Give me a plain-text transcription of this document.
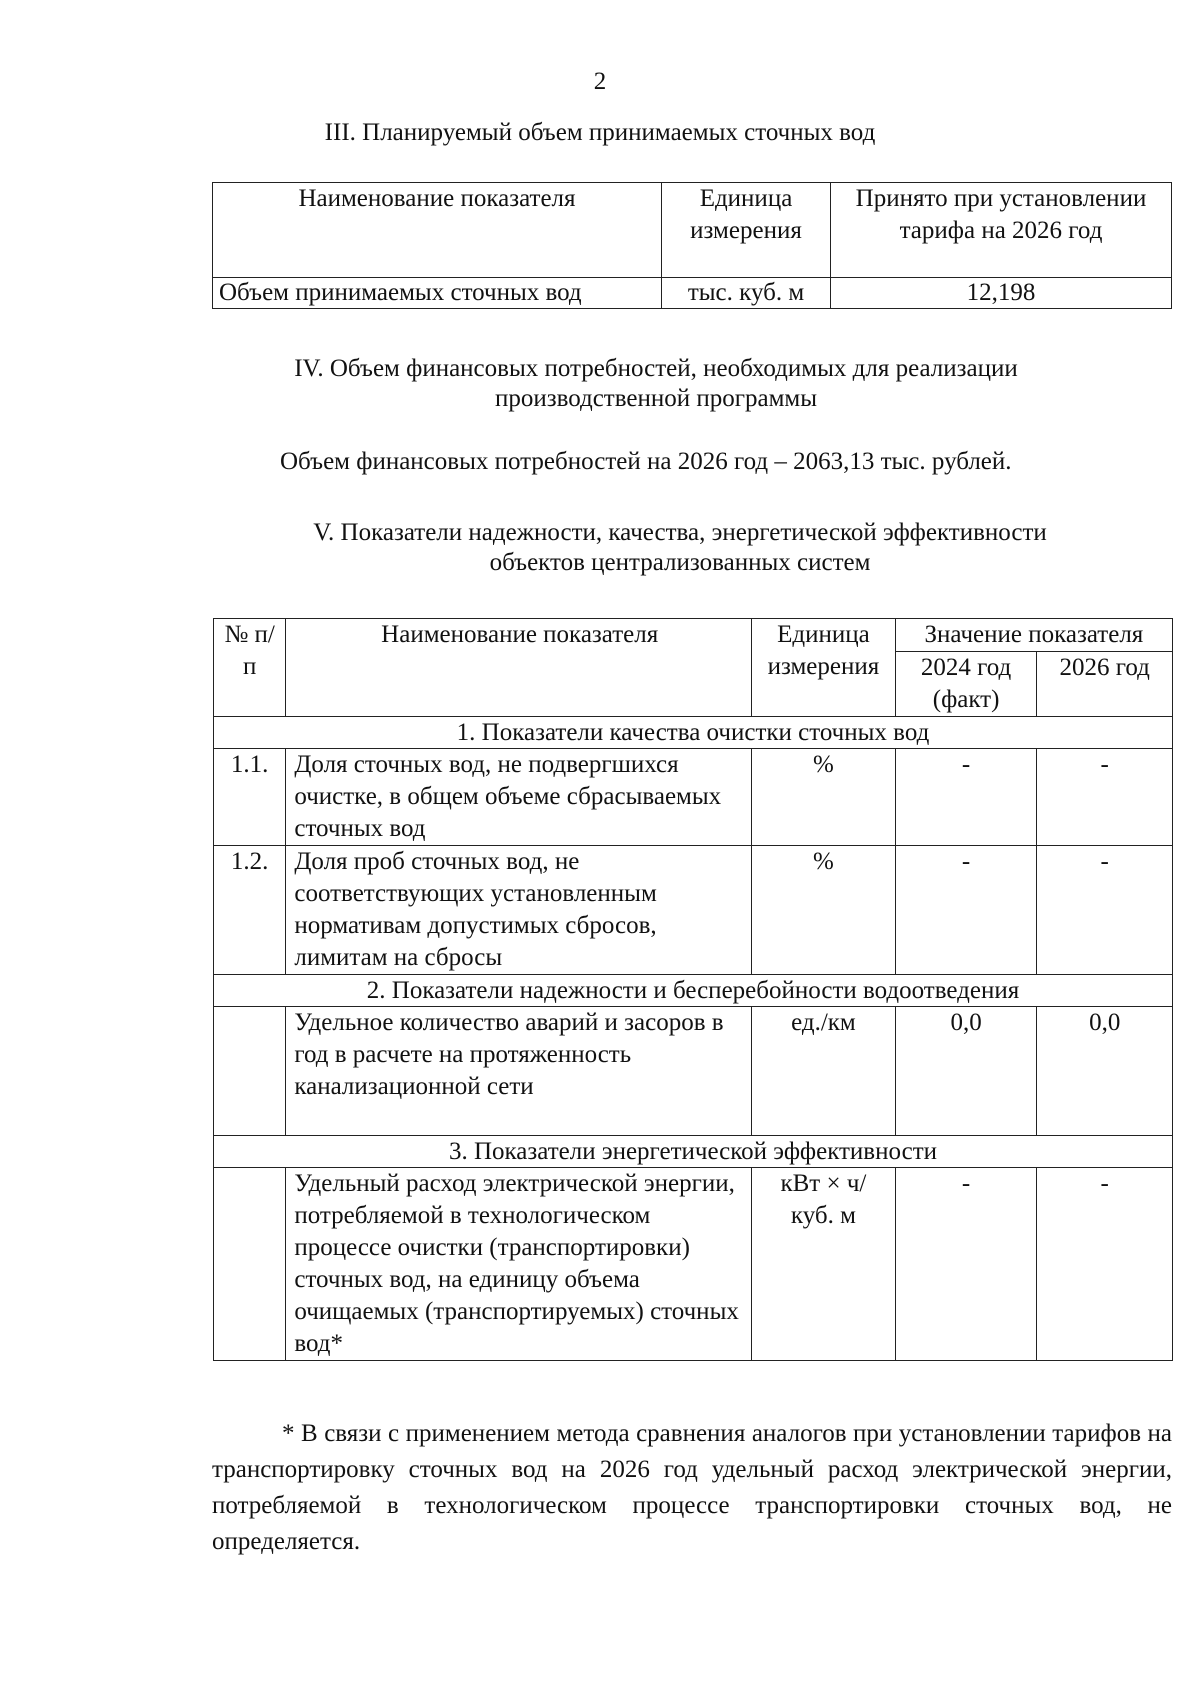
2
III. Планируемый объем принимаемых сточных вод
Наименование показателя	Единица измерения	Принято при установлении тарифа на 2026 год
Объем принимаемых сточных вод	тыс. куб. м	12,198
IV. Объем финансовых потребностей, необходимых для реализации
производственной программы
Объем финансовых потребностей на 2026 год – 2063,13 тыс. рублей.
V. Показатели надежности, качества, энергетической эффективности
объектов централизованных систем
№ п/п	Наименование показателя	Единица измерения	Значение показателя	
			2024 год (факт)	2026 год
1. Показатели качества очистки сточных вод				
1.1.	Доля сточных вод, не подвергшихся очистке, в общем объеме сбрасываемых сточных вод	%	-	-
1.2.	Доля проб сточных вод, не соответствующих установленным нормативам допустимых сбросов, лимитам на сбросы	%	-	-
2. Показатели надежности и бесперебойности водоотведения				
	Удельное количество аварий и засоров в год в расчете на протяженность канализационной сети	ед./км	0,0	0,0
3. Показатели энергетической эффективности				
	Удельный расход электрической энергии, потребляемой в технологическом процессе очистки (транспортировки) сточных вод, на единицу объема очищаемых (транспортируемых) сточных вод*	кВт × ч/ куб. м	-	-
* В связи с применением метода сравнения аналогов при установлении тарифов на транспортировку сточных вод на 2026 год удельный расход электрической энергии, потребляемой в технологическом процессе транспортировки сточных вод, не определяется.
